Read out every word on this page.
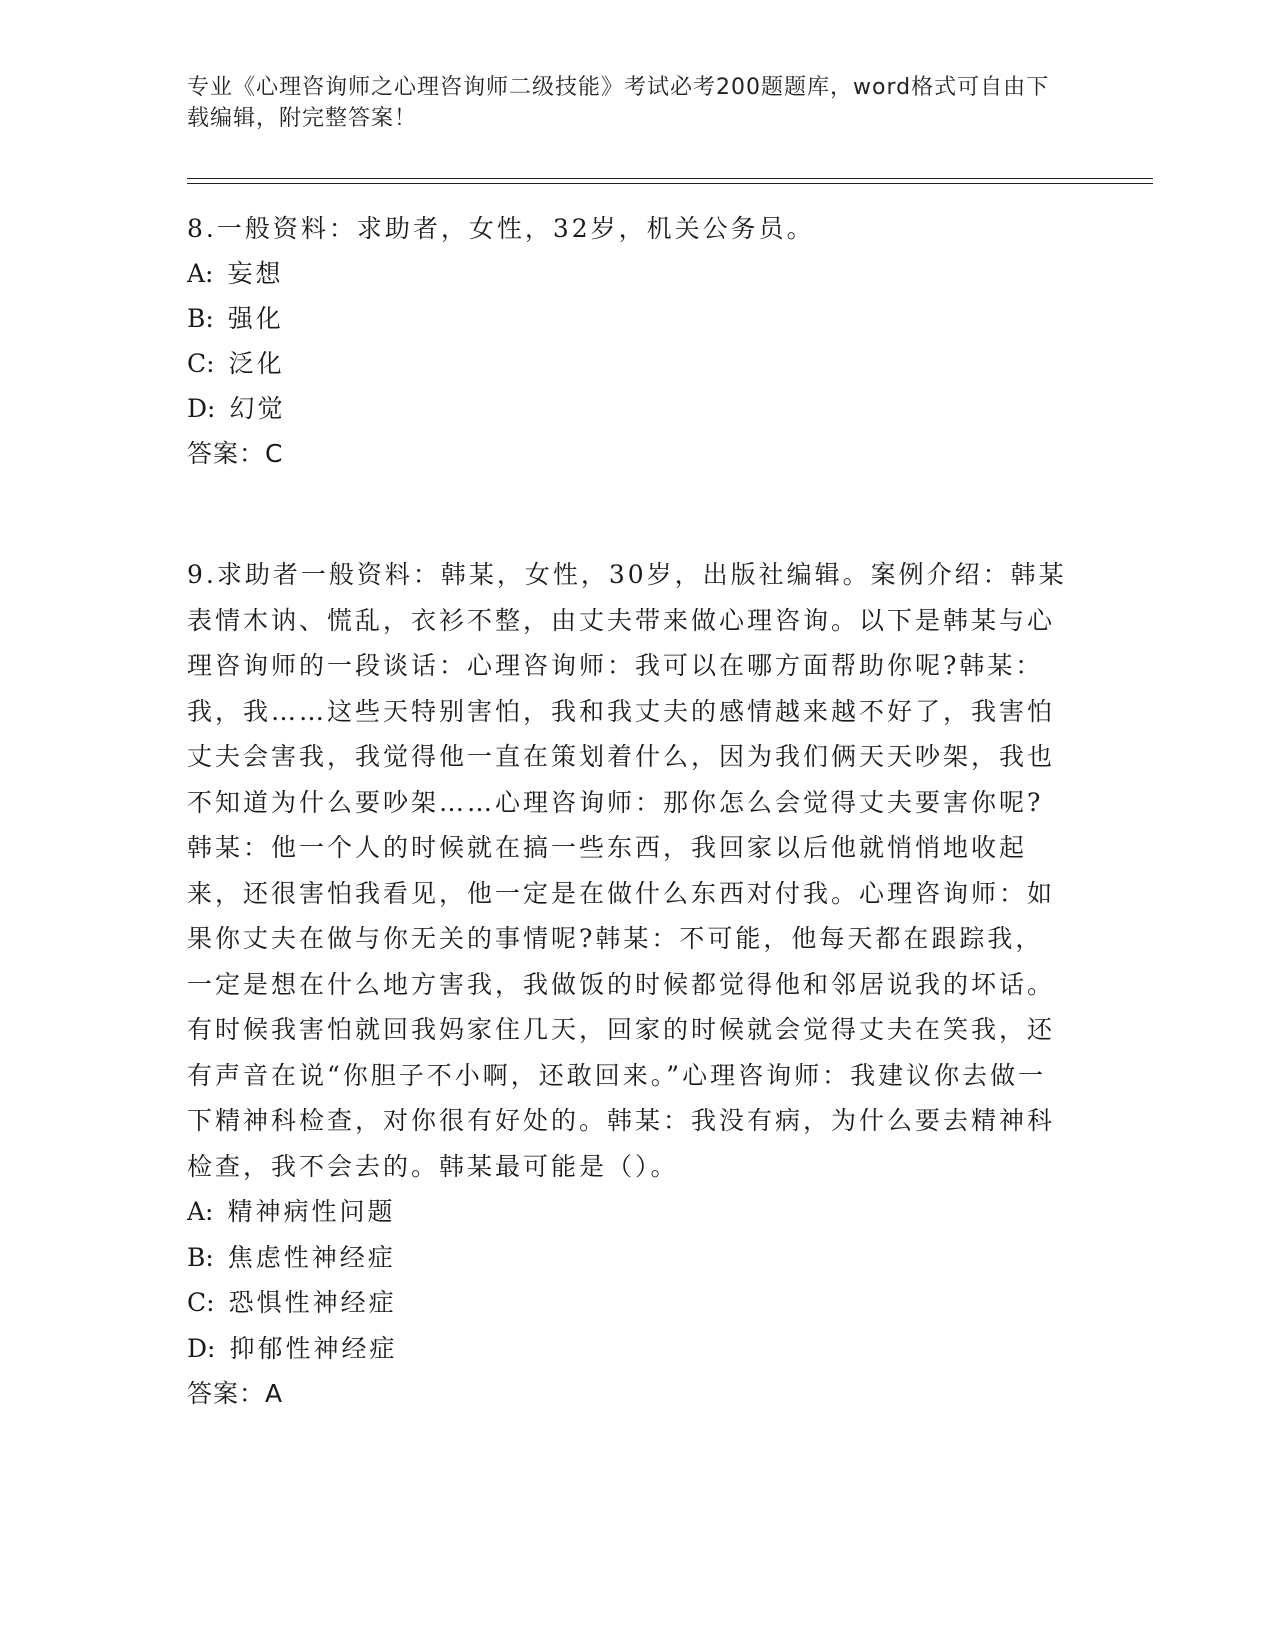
专业《心理咨询师之心理咨询师二级技能》考试必考200题题库，word格式可自由下载编辑，附完整答案！

8.一般资料：求助者，女性，32岁，机关公务员。

A: 妄想

B: 强化

C: 泛化

D: 幻觉

答案：C

9.求助者一般资料：韩某，女性，30岁，出版社编辑。案例介绍：韩某表情木讷、慌乱，衣衫不整，由丈夫带来做心理咨询。以下是韩某与心理咨询师的一段谈话：心理咨询师：我可以在哪方面帮助你呢?韩某：我，我……这些天特别害怕，我和我丈夫的感情越来越不好了，我害怕丈夫会害我，我觉得他一直在策划着什么，因为我们俩天天吵架，我也不知道为什么要吵架……心理咨询师：那你怎么会觉得丈夫要害你呢?韩某：他一个人的时候就在搞一些东西，我回家以后他就悄悄地收起来，还很害怕我看见，他一定是在做什么东西对付我。心理咨询师：如果你丈夫在做与你无关的事情呢?韩某：不可能，他每天都在跟踪我，一定是想在什么地方害我，我做饭的时候都觉得他和邻居说我的坏话。有时候我害怕就回我妈家住几天，回家的时候就会觉得丈夫在笑我，还有声音在说“你胆子不小啊，还敢回来。”心理咨询师：我建议你去做一下精神科检查，对你很有好处的。韩某：我没有病，为什么要去精神科检查，我不会去的。韩某最可能是（）。

A: 精神病性问题

B: 焦虑性神经症

C: 恐惧性神经症

D: 抑郁性神经症

答案：A
